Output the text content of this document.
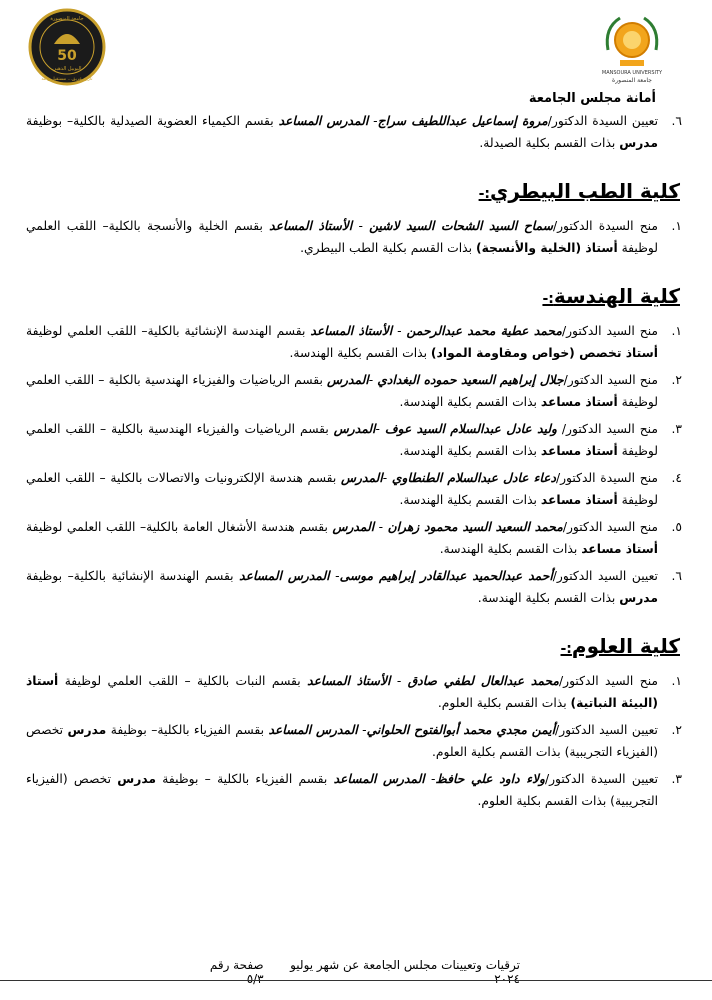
MANSOURA UNIVERSITY
جامعة المنصورة
جامعة المنصورة
50
اليوبيل الذهبي
تاريخ عريق... مستقبل واعد
أمانة مجلس الجامعة
٦.
تعيين السيدة الدكتور/مروة إسماعيل عبداللطيف سراج- المدرس المساعد بقسم الكيمياء العضوية الصيدلية بالكلية– بوظيفة مدرس بذات القسم بكلية الصيدلة.
كلية الطب البيطري:-
١.
منح السيدة الدكتور/سماح السيد الشحات السيد لاشين - الأستاذ المساعد بقسم الخلية والأنسجة بالكلية– اللقب العلمي لوظيفة أستاذ (الخلية والأنسجة) بذات القسم بكلية الطب البيطري.
كلية الهندسة:-
١.
منح السيد الدكتور/محمد عطية محمد عبدالرحمن - الأستاذ المساعد بقسم الهندسة الإنشائية بالكلية– اللقب العلمي لوظيفة أستاذ تخصص (خواص ومقاومة المواد) بذات القسم بكلية الهندسة.
٢.
منح السيد الدكتور/جلال إبراهيم السعيد حموده البغدادي -المدرس بقسم الرياضيات والفيزياء الهندسية بالكلية – اللقب العلمي لوظيفة أستاذ مساعد بذات القسم بكلية الهندسة.
٣.
منح السيد الدكتور/ وليد عادل عبدالسلام السيد عوف -المدرس بقسم الرياضيات والفيزياء الهندسية بالكلية – اللقب العلمي لوظيفة أستاذ مساعد بذات القسم بكلية الهندسة.
٤.
منح السيدة الدكتور/دعاء عادل عبدالسلام الطنطاوي -المدرس بقسم هندسة الإلكترونيات والاتصالات بالكلية – اللقب العلمي لوظيفة أستاذ مساعد بذات القسم بكلية الهندسة.
٥.
منح السيد الدكتور/محمد السعيد السيد محمود زهران - المدرس بقسم هندسة الأشغال العامة بالكلية– اللقب العلمي لوظيفة أستاذ مساعد بذات القسم بكلية الهندسة.
٦.
تعيين السيد الدكتور/أحمد عبدالحميد عبدالقادر إبراهيم موسى- المدرس المساعد بقسم الهندسة الإنشائية بالكلية– بوظيفة مدرس بذات القسم بكلية الهندسة.
كلية العلوم:-
١.
منح السيد الدكتور/محمد عبدالعال لطفي صادق - الأستاذ المساعد بقسم النبات بالكلية – اللقب العلمي لوظيفة أستاذ (البيئة النباتية) بذات القسم بكلية العلوم.
٢.
تعيين السيد الدكتور/أيمن مجدي محمد أبوالفتوح الحلواني- المدرس المساعد بقسم الفيزياء بالكلية– بوظيفة مدرس تخصص (الفيزياء التجريبية) بذات القسم بكلية العلوم.
٣.
تعيين السيدة الدكتور/ولاء داود علي حافظ- المدرس المساعد بقسم الفيزياء بالكلية – بوظيفة مدرس تخصص (الفيزياء التجريبية) بذات القسم بكلية العلوم.
ترقيات وتعيينات مجلس الجامعة عن شهر يوليو ٢٠٢٤
صفحة رقم ٥/٣
